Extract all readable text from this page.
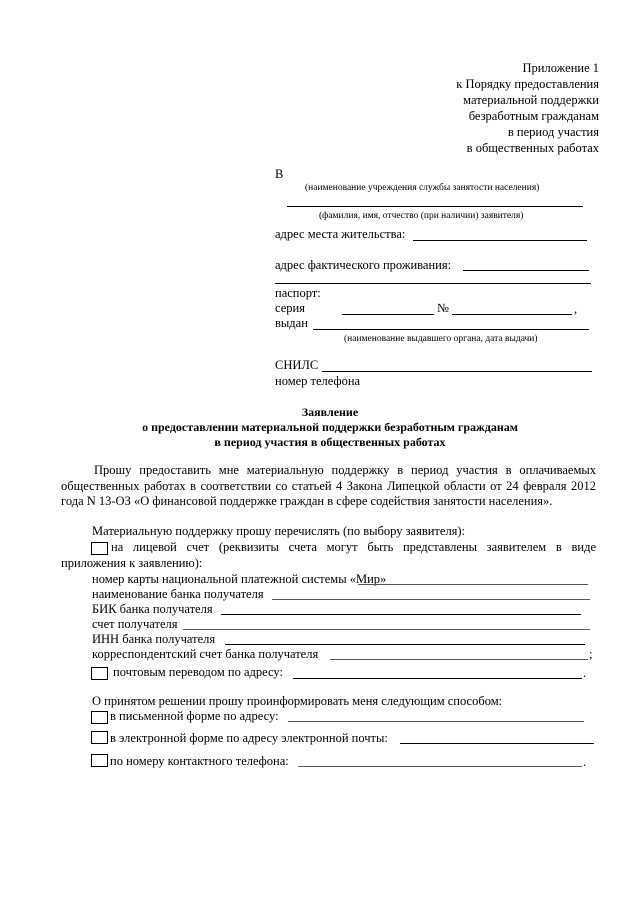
Приложение 1
к Порядку предоставления
материальной поддержки
безработным гражданам
в период участия
в общественных работах
В
(наименование учреждения службы занятости населения)
(фамилия, имя, отчество (при наличии) заявителя)
адрес места жительства:
адрес фактического проживания:
паспорт:
серия	№	,
выдан
(наименование выдавшего органа, дата выдачи)
СНИЛС
номер телефона
Заявление
о предоставлении материальной поддержки безработным гражданам
в период участия в общественных работах
Прошу предоставить мне материальную поддержку в период участия в оплачиваемых общественных работах в соответствии со статьей 4 Закона Липецкой области от 24 февраля 2012 года N 13-ОЗ «О финансовой поддержке граждан в сфере содействия занятости населения».
Материальную поддержку прошу перечислять (по выбору заявителя):
на лицевой счет (реквизиты счета могут быть представлены заявителем в виде приложения к заявлению):
номер карты национальной платежной системы «Мир»
наименование банка получателя
БИК банка получателя
счет получателя
ИНН банка получателя
корреспондентский счет банка получателя	;
почтовым переводом по адресу:	.
О принятом решении прошу проинформировать меня следующим способом:
в письменной форме по адресу:
в электронной форме по адресу электронной почты:
по номеру контактного телефона:	.
